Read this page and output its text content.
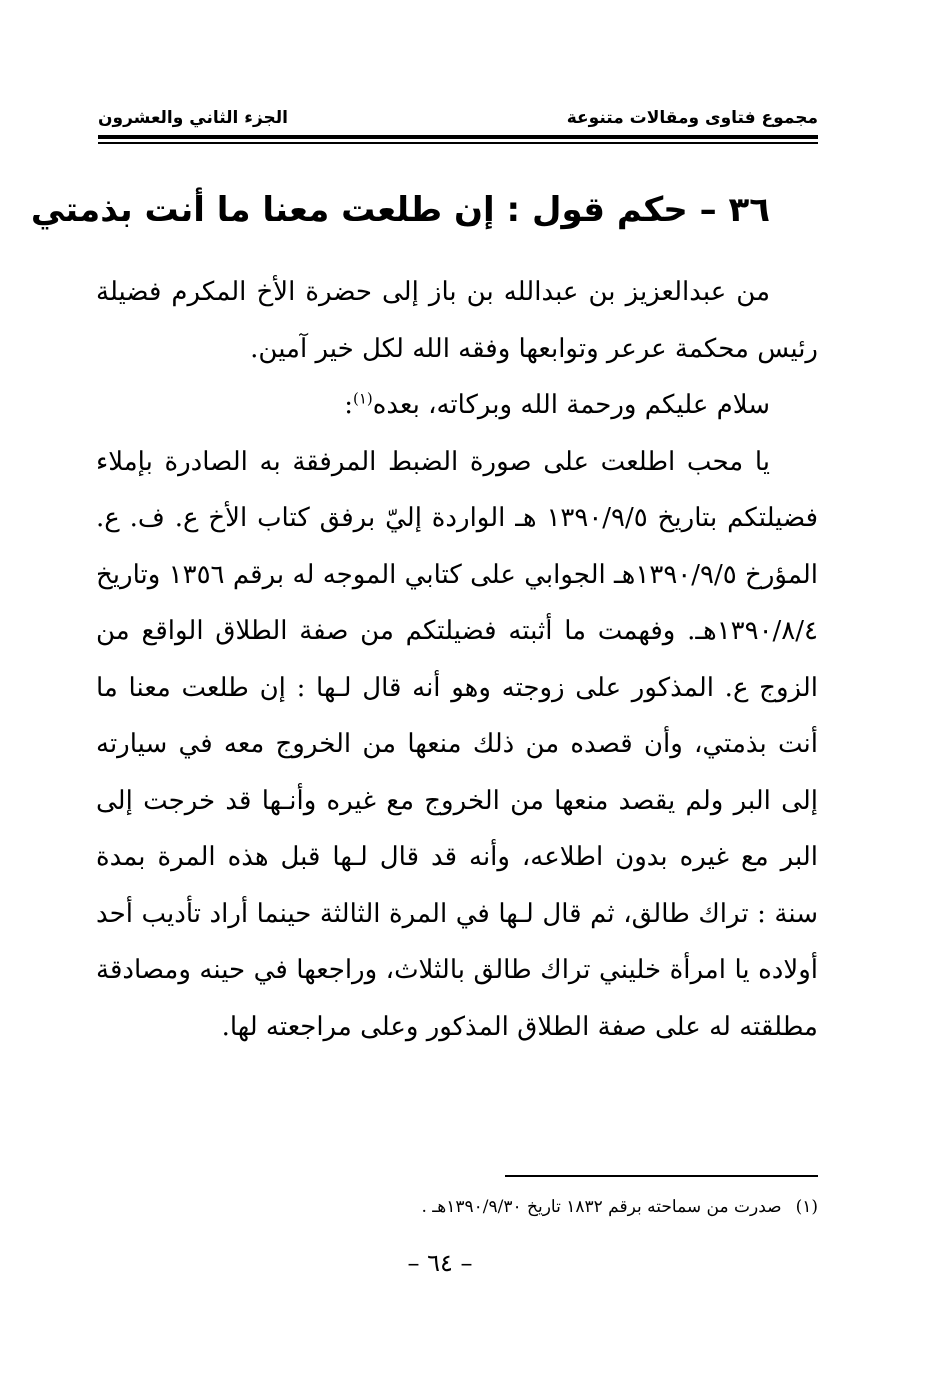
مجموع فتاوى ومقالات متنوعة
الجزء الثاني والعشرون
٣٦ – حكم قول : إن طلعت معنا ما أنت بذمتي

من عبدالعزيز بن عبدالله بن باز إلى حضرة الأخ المكرم فضيلة رئيس محكمة عرعر وتوابعها وفقه الله لكل خير آمين.

سلام عليكم ورحمة الله وبركاته، بعده$^{(١)}$:

يا محب اطلعت على صورة الضبط المرفقة به الصادرة بإملاء فضيلتكم بتاريخ ١٣٩٠/٩/٥ هـ الواردة إليّ برفق كتاب الأخ ع. ف. ع. المؤرخ ١٣٩٠/٩/٥هـ الجوابي على كتابي الموجه له برقم ١٣٥٦ وتاريخ ١٣٩٠/٨/٤هـ. وفهمت ما أثبته فضيلتكم من صفة الطلاق الواقع من الزوج ع. المذكور على زوجته وهو أنه قال لـها : إن طلعت معنا ما أنت بذمتي، وأن قصده من ذلك منعها من الخروج معه في سيارته إلى البر ولم يقصد منعها من الخروج مع غيره وأنـها قد خرجت إلى البر مع غيره بدون اطلاعه، وأنه قد قال لـها قبل هذه المرة بمدة سنة : تراك طالق، ثم قال لـها في المرة الثالثة حينما أراد تأديب أحد أولاده يا امرأة خليني تراك طالق بالثلاث، وراجعها في حينه ومصادقة مطلقته له على صفة الطلاق المذكور وعلى مراجعته لها.

(١)صدرت من سماحته برقم ١٨٣٢ تاريخ ١٣٩٠/٩/٣٠هـ .
– ٦٤ –
